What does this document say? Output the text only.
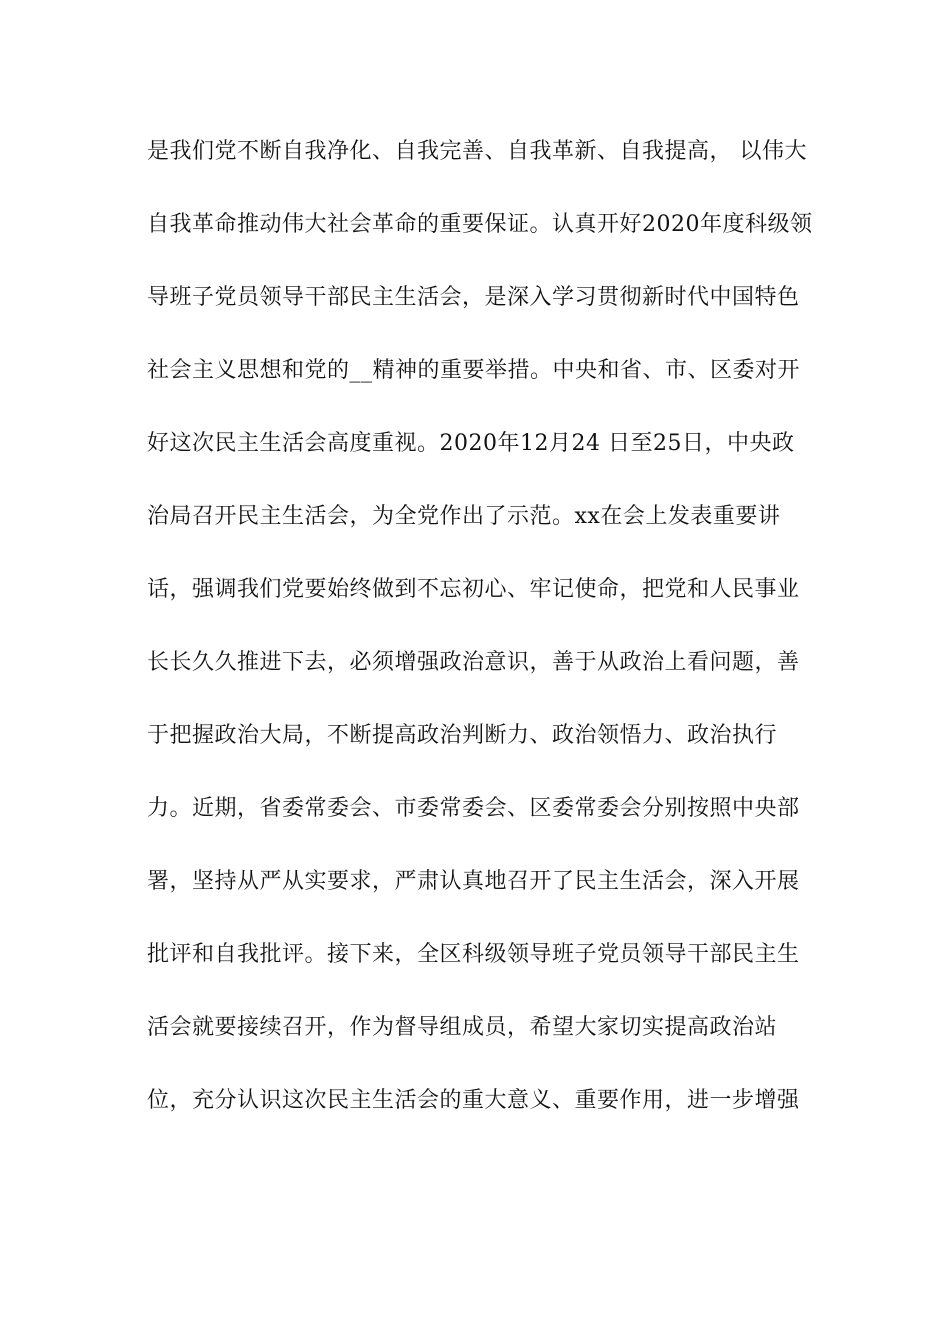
是我们党不断自我净化、自我完善、自我革新、自我提高， 以伟大
自我革命推动伟大社会革命的重要保证。认真开好2020年度科级领
导班子党员领导干部民主生活会，是深入学习贯彻新时代中国特色
社会主义思想和党的__精神的重要举措。中央和省、市、区委对开
好这次民主生活会高度重视。2020年12月24 日至25日，中央政
治局召开民主生活会，为全党作出了示范。xx在会上发表重要讲
话，强调我们党要始终做到不忘初心、牢记使命，把党和人民事业
长长久久推进下去，必须增强政治意识，善于从政治上看问题，善
于把握政治大局，不断提高政治判断力、政治领悟力、政治执行
力。近期，省委常委会、市委常委会、区委常委会分别按照中央部
署，坚持从严从实要求，严肃认真地召开了民主生活会，深入开展
批评和自我批评。接下来，全区科级领导班子党员领导干部民主生
活会就要接续召开，作为督导组成员，希望大家切实提高政治站
位，充分认识这次民主生活会的重大意义、重要作用，进一步增强
